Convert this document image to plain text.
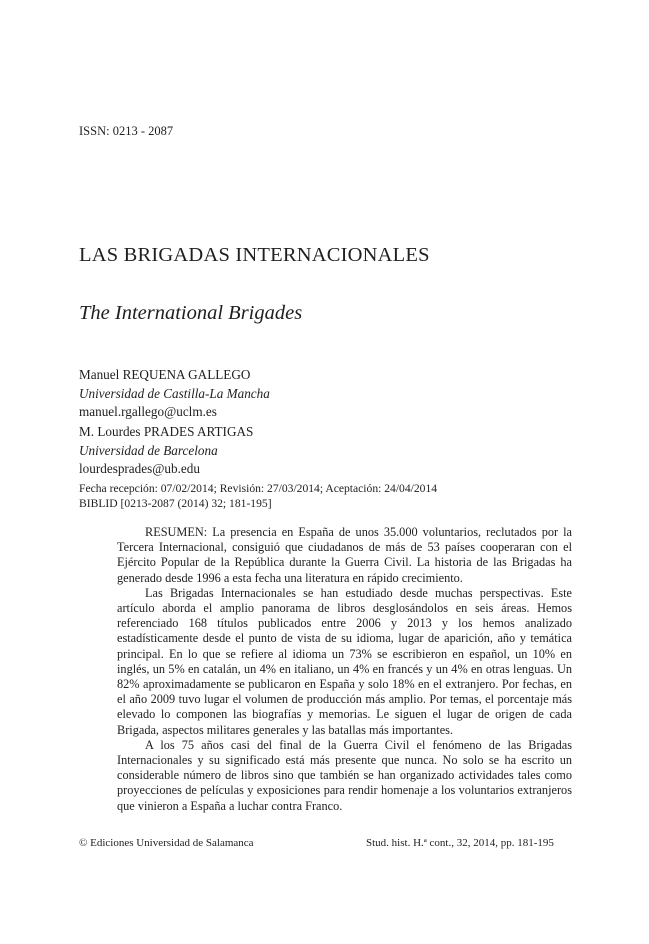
ISSN: 0213 - 2087
LAS BRIGADAS INTERNACIONALES
The International Brigades
Manuel REQUENA GALLEGO
Universidad de Castilla-La Mancha
manuel.rgallego@uclm.es
M. Lourdes PRADES ARTIGAS
Universidad de Barcelona
lourdesprades@ub.edu
Fecha recepción: 07/02/2014; Revisión: 27/03/2014; Aceptación: 24/04/2014
BIBLID [0213-2087 (2014) 32; 181-195]

RESUMEN: La presencia en España de unos 35.000 voluntarios, reclutados por la Tercera Internacional, consiguió que ciudadanos de más de 53 países cooperaran con el Ejército Popular de la República durante la Guerra Civil. La historia de las Brigadas ha generado desde 1996 a esta fecha una literatura en rápido crecimiento.

Las Brigadas Internacionales se han estudiado desde muchas perspectivas. Este artículo aborda el amplio panorama de libros desglosándolos en seis áreas. Hemos referenciado 168 títulos publicados entre 2006 y 2013 y los hemos analizado estadísticamente desde el punto de vista de su idioma, lugar de aparición, año y temática principal. En lo que se refiere al idioma un 73% se escribieron en español, un 10% en inglés, un 5% en catalán, un 4% en italiano, un 4% en francés y un 4% en otras lenguas. Un 82% aproximadamente se publicaron en España y solo 18% en el extranjero. Por fechas, en el año 2009 tuvo lugar el volumen de producción más amplio. Por temas, el porcentaje más elevado lo componen las biografías y memorias. Le siguen el lugar de origen de cada Brigada, aspectos militares generales y las batallas más importantes.

A los 75 años casi del final de la Guerra Civil el fenómeno de las Brigadas Internacionales y su significado está más presente que nunca. No solo se ha escrito un considerable número de libros sino que también se han organizado actividades tales como proyecciones de películas y exposiciones para rendir homenaje a los voluntarios extranjeros que vinieron a España a luchar contra Franco.

© Ediciones Universidad de Salamanca	Stud. hist. H.ª cont., 32, 2014, pp. 181-195
